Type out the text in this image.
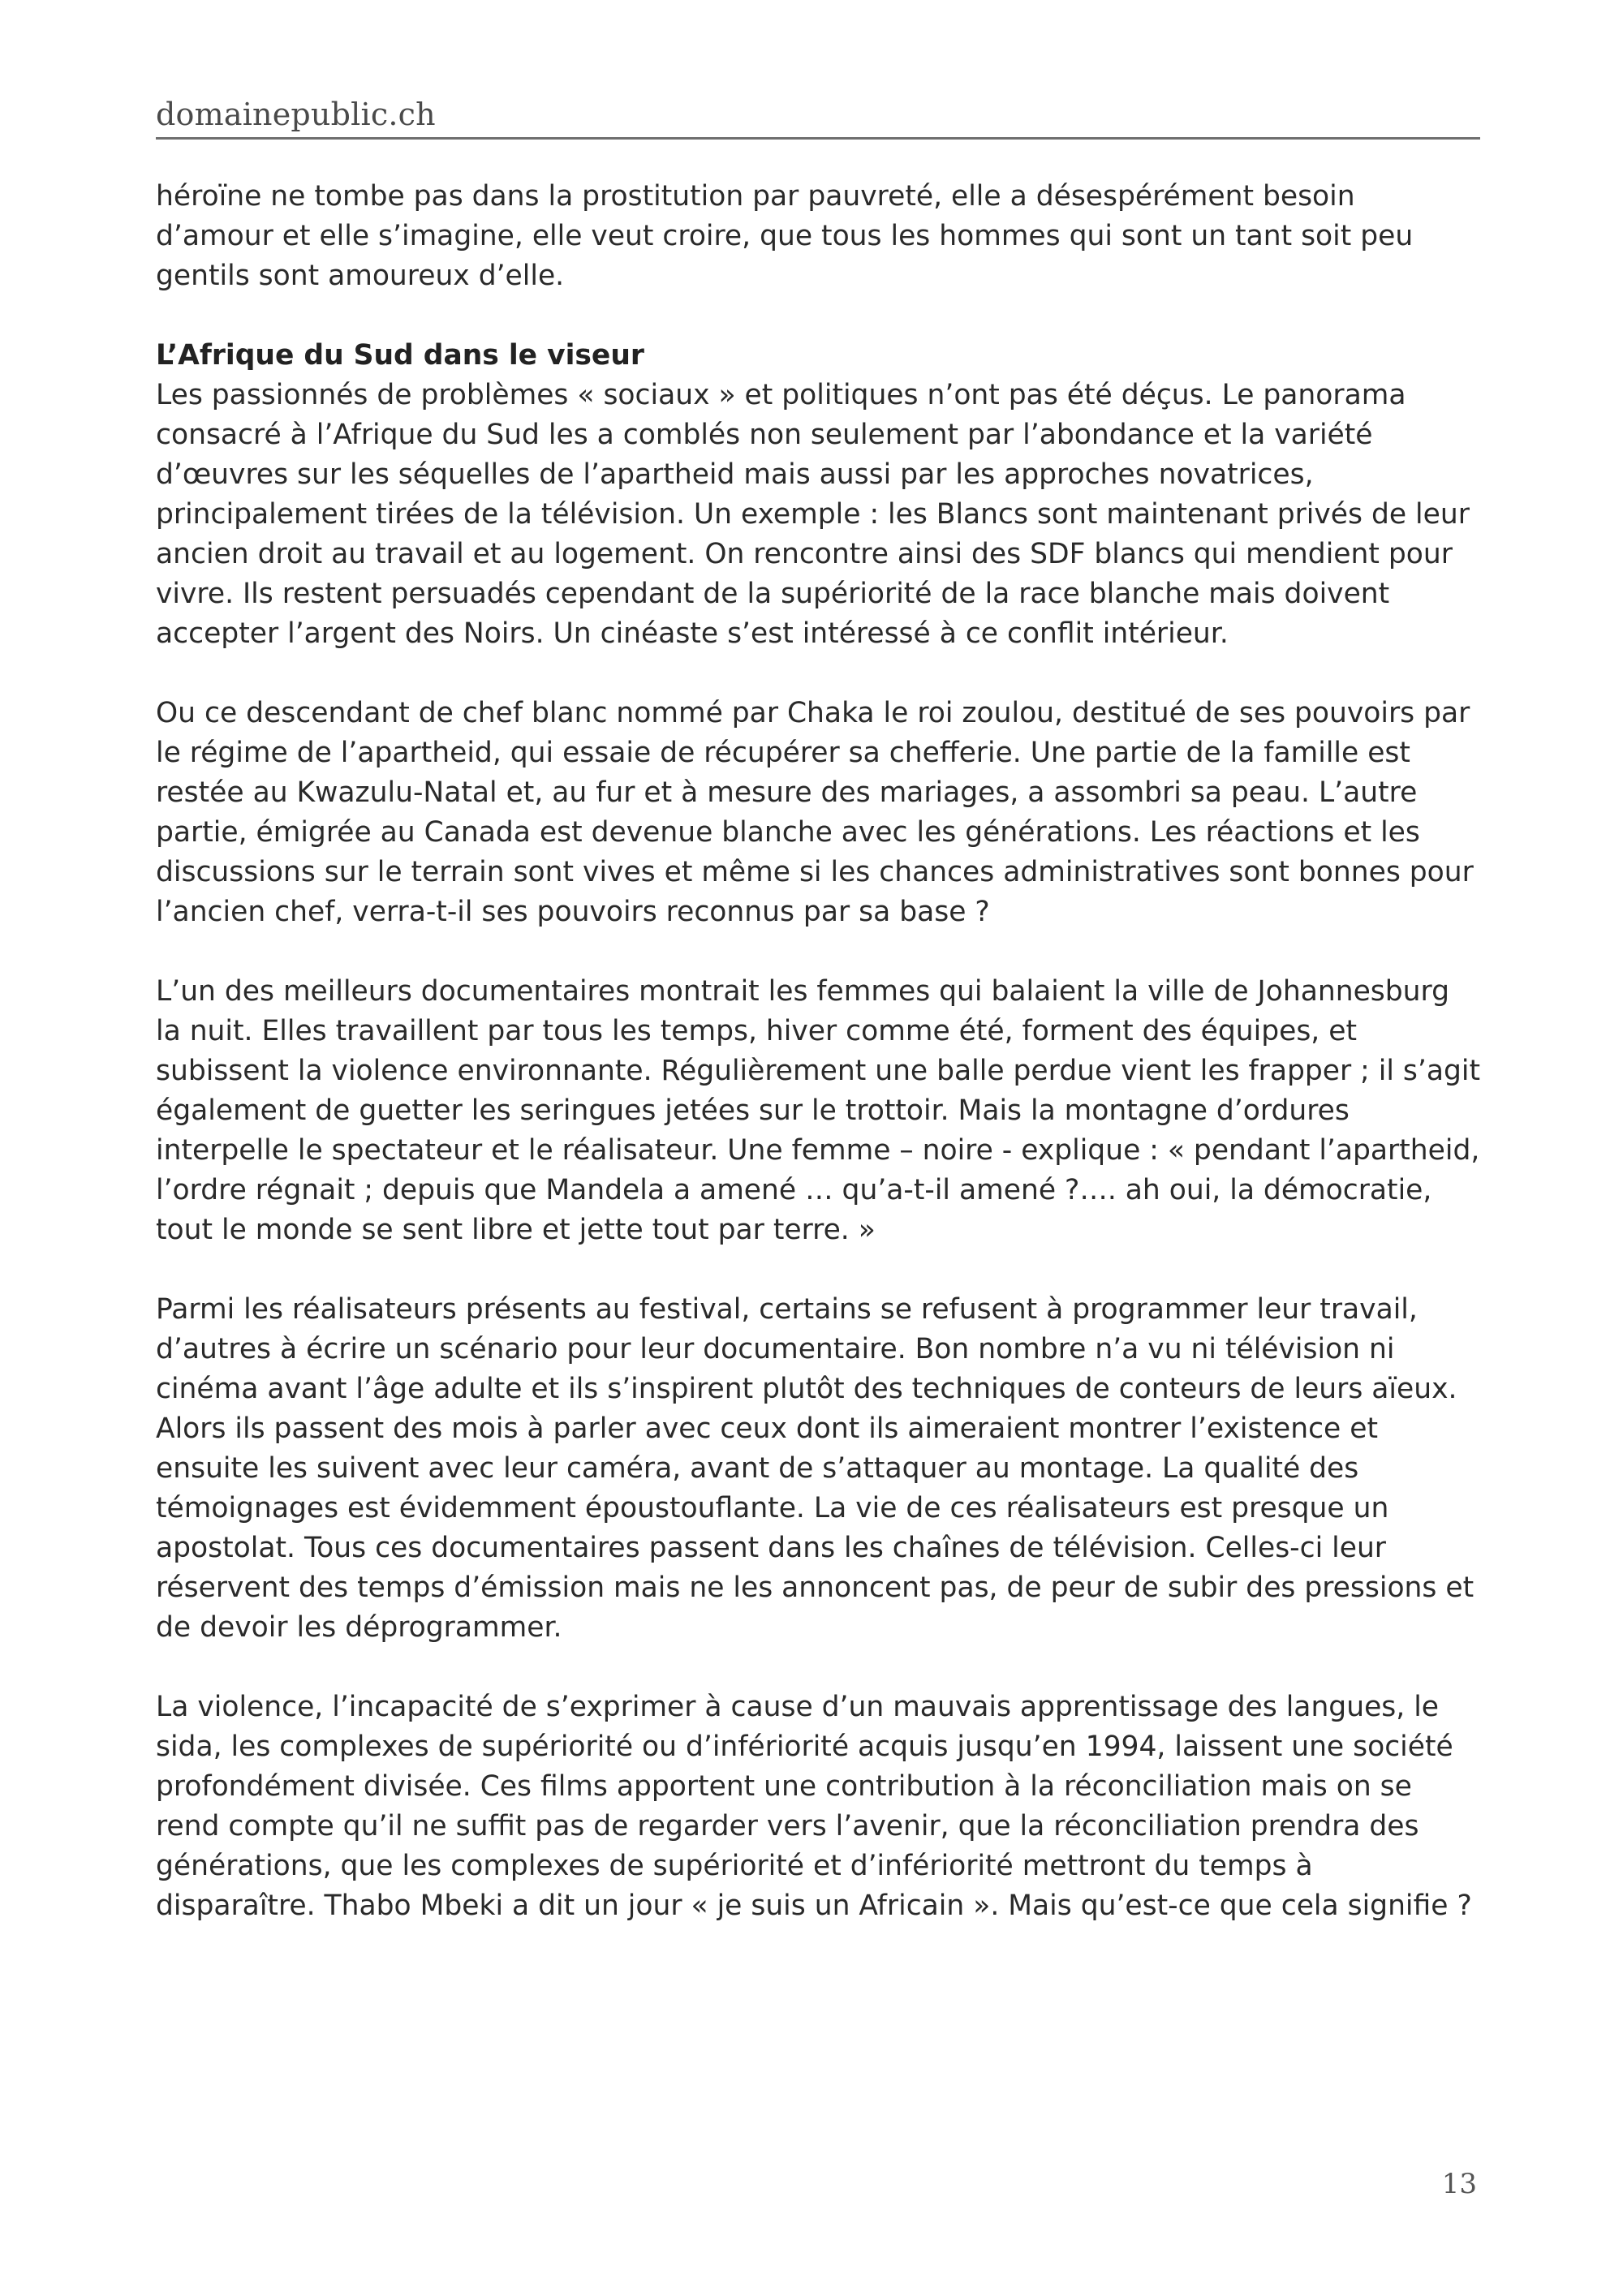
domainepublic.ch

héroïne ne tombe pas dans la prostitution par pauvreté, elle a désespérément besoin d’amour et elle s’imagine, elle veut croire, que tous les hommes qui sont un tant soit peu gentils sont amoureux d’elle.

L’Afrique du Sud dans le viseur

Les passionnés de problèmes « sociaux » et politiques n’ont pas été déçus. Le panorama consacré à l’Afrique du Sud les a comblés non seulement par l’abondance et la variété d’œuvres sur les séquelles de l’apartheid mais aussi par les approches novatrices, principalement tirées de la télévision. Un exemple : les Blancs sont maintenant privés de leur ancien droit au travail et au logement. On rencontre ainsi des SDF blancs qui mendient pour vivre. Ils restent persuadés cependant de la supériorité de la race blanche mais doivent accepter l’argent des Noirs. Un cinéaste s’est intéressé à ce conflit intérieur.

Ou ce descendant de chef blanc nommé par Chaka le roi zoulou, destitué de ses pouvoirs par le régime de l’apartheid, qui essaie de récupérer sa chefferie. Une partie de la famille est restée au Kwazulu-Natal et, au fur et à mesure des mariages, a assombri sa peau. L’autre partie, émigrée au Canada est devenue blanche avec les générations. Les réactions et les discussions sur le terrain sont vives et même si les chances administratives sont bonnes pour l’ancien chef, verra-t-il ses pouvoirs reconnus par sa base ?

L’un des meilleurs documentaires montrait les femmes qui balaient la ville de Johannesburg la nuit. Elles travaillent par tous les temps, hiver comme été, forment des équipes, et subissent la violence environnante. Régulièrement une balle perdue vient les frapper ; il s’agit également de guetter les seringues jetées sur le trottoir. Mais la montagne d’ordures interpelle le spectateur et le réalisateur. Une femme – noire - explique : « pendant l’apartheid, l’ordre régnait ; depuis que Mandela a amené … qu’a-t-il amené ?…. ah oui, la démocratie, tout le monde se sent libre et jette tout par terre. »

Parmi les réalisateurs présents au festival, certains se refusent à programmer leur travail, d’autres à écrire un scénario pour leur documentaire. Bon nombre n’a vu ni télévision ni cinéma avant l’âge adulte et ils s’inspirent plutôt des techniques de conteurs de leurs aïeux. Alors ils passent des mois à parler avec ceux dont ils aimeraient montrer l’existence et ensuite les suivent avec leur caméra, avant de s’attaquer au montage. La qualité des témoignages est évidemment époustouflante. La vie de ces réalisateurs est presque un apostolat. Tous ces documentaires passent dans les chaînes de télévision. Celles-ci leur réservent des temps d’émission mais ne les annoncent pas, de peur de subir des pressions et de devoir les déprogrammer.

La violence, l’incapacité de s’exprimer à cause d’un mauvais apprentissage des langues, le sida, les complexes de supériorité ou d’infériorité acquis jusqu’en 1994, laissent une société profondément divisée. Ces films apportent une contribution à la réconciliation mais on se rend compte qu’il ne suffit pas de regarder vers l’avenir, que la réconciliation prendra des générations, que les complexes de supériorité et d’infériorité mettront du temps à disparaître. Thabo Mbeki a dit un jour « je suis un Africain ». Mais qu’est-ce que cela signifie ?

13
